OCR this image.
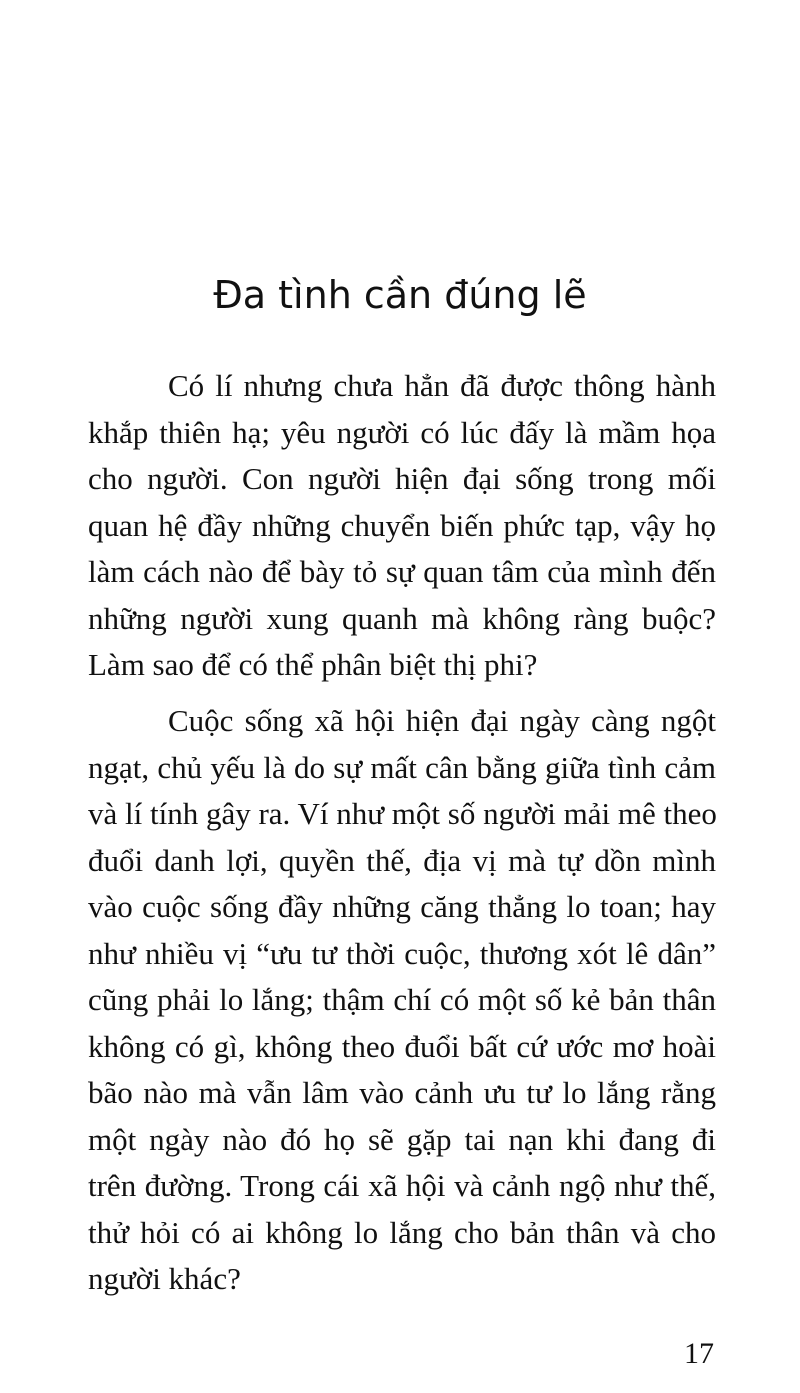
Đa tình cần đúng lẽ
Có lí nhưng chưa hẳn đã được thông hành
khắp thiên hạ; yêu người có lúc đấy là mầm họa
cho người. Con người hiện đại sống trong mối
quan hệ đầy những chuyển biến phức tạp, vậy họ
làm cách nào để bày tỏ sự quan tâm của mình đến
những người xung quanh mà không ràng buộc?
Làm sao để có thể phân biệt thị phi?
Cuộc sống xã hội hiện đại ngày càng ngột
ngạt, chủ yếu là do sự mất cân bằng giữa tình cảm
và lí tính gây ra. Ví như một số người mải mê theo
đuổi danh lợi, quyền thế, địa vị mà tự dồn mình
vào cuộc sống đầy những căng thẳng lo toan; hay
như nhiều vị “ưu tư thời cuộc, thương xót lê dân”
cũng phải lo lắng; thậm chí có một số kẻ bản thân
không có gì, không theo đuổi bất cứ ước mơ hoài
bão nào mà vẫn lâm vào cảnh ưu tư lo lắng rằng
một ngày nào đó họ sẽ gặp tai nạn khi đang đi
trên đường. Trong cái xã hội và cảnh ngộ như thế,
thử hỏi có ai không lo lắng cho bản thân và cho
người khác?
17
